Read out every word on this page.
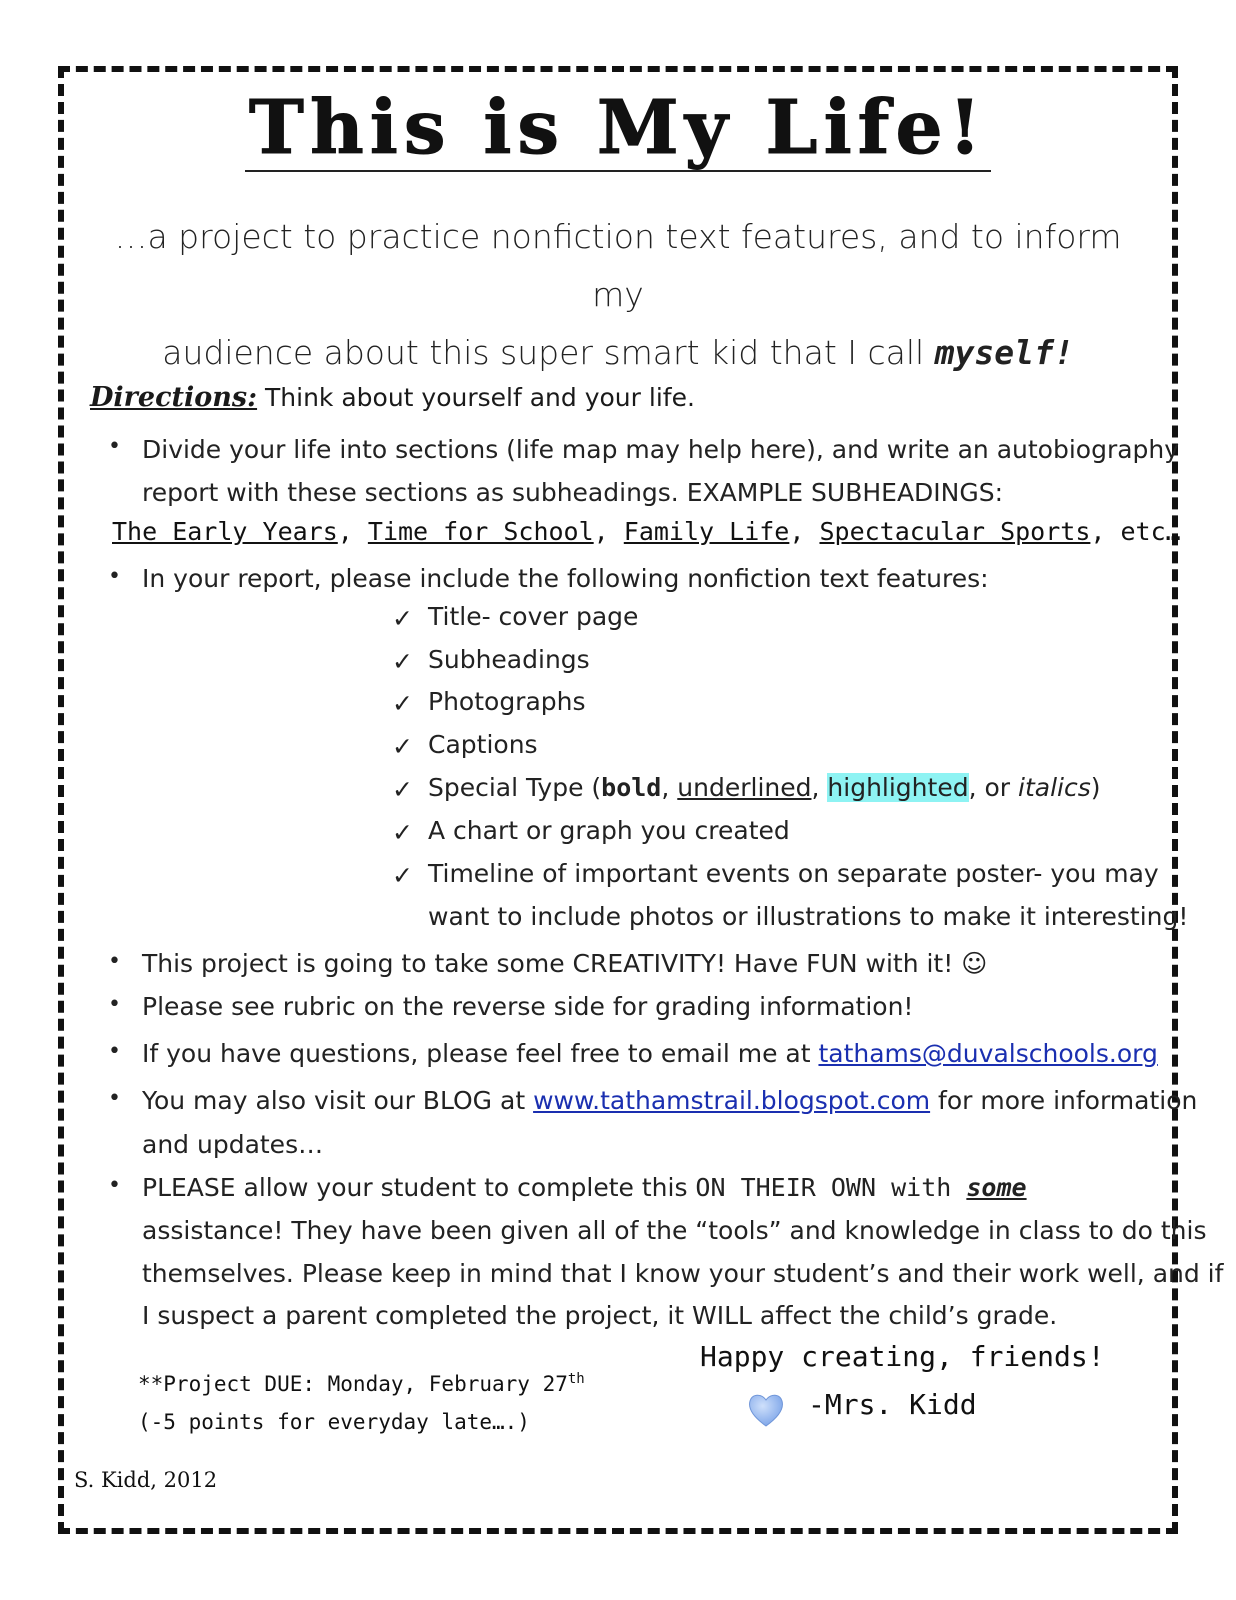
This is My Life!
…a project to practice nonfiction text features, and to inform my
audience about this super smart kid that I call myself!
Directions: Think about yourself and your life.
• Divide your life into sections (life map may help here), and write an autobiography
report with these sections as subheadings. EXAMPLE SUBHEADINGS:
The Early Years, Time for School, Family Life, Spectacular Sports, etc…
• In your report, please include the following nonfiction text features:
✓ Title- cover page
✓ Subheadings
✓ Photographs
✓ Captions
✓ Special Type (bold, underlined, highlighted, or italics)
✓ A chart or graph you created
✓ Timeline of important events on separate poster- you may
want to include photos or illustrations to make it interesting!
• This project is going to take some CREATIVITY! Have FUN with it! ☺
• Please see rubric on the reverse side for grading information!
• If you have questions, please feel free to email me at tathams@duvalschools.org
• You may also visit our BLOG at www.tathamstrail.blogspot.com for more information
and updates…
• PLEASE allow your student to complete this ON THEIR OWN with some
assistance! They have been given all of the “tools” and knowledge in class to do this
themselves. Please keep in mind that I know your student’s and their work well, and if
I suspect a parent completed the project, it WILL affect the child’s grade.
**Project DUE: Monday, February 27th
(-5 points for everyday late….)
Happy creating, friends!
-Mrs. Kidd
S. Kidd, 2012
